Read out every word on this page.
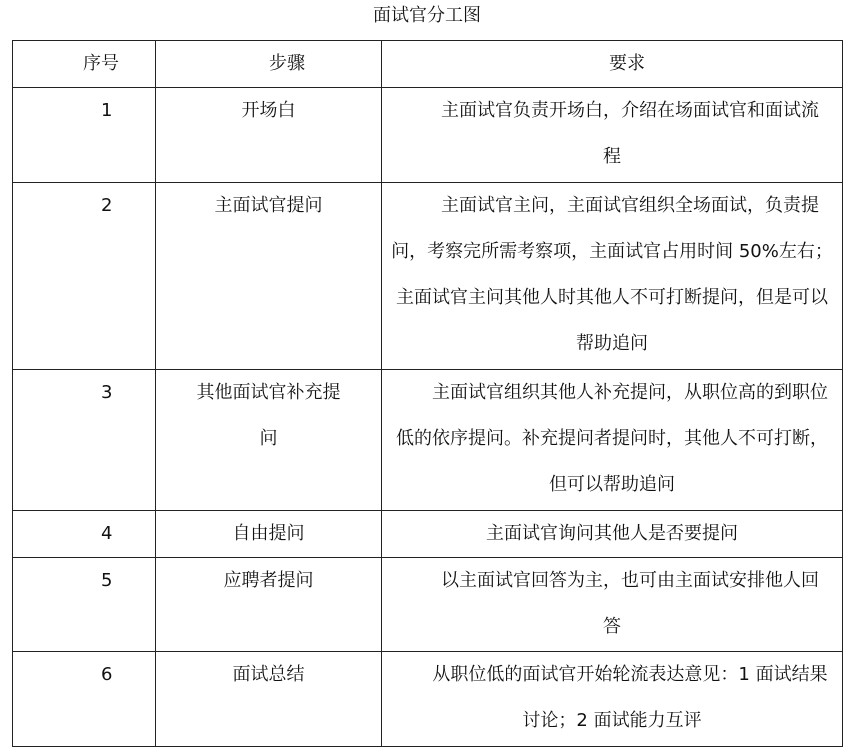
面试官分工图
序号	步骤	要求
1	开场白	主面试官负责开场白，介绍在场面试官和面试流程

2	主面试官提问	主面试官主问，主面试官组织全场面试，负责提问，考察完所需考察项，主面试官占用时间 50%左右；主面试官主问其他人时其他人不可打断提问，但是可以帮助追问

3	其他面试官补充提问	主面试官组织其他人补充提问，从职位高的到职位低的依序提问。补充提问者提问时，其他人不可打断，但可以帮助追问

4	自由提问	主面试官询问其他人是否要提问

5	应聘者提问	以主面试官回答为主，也可由主面试安排他人回答

6	面试总结	从职位低的面试官开始轮流表达意见：1 面试结果讨论；2 面试能力互评
